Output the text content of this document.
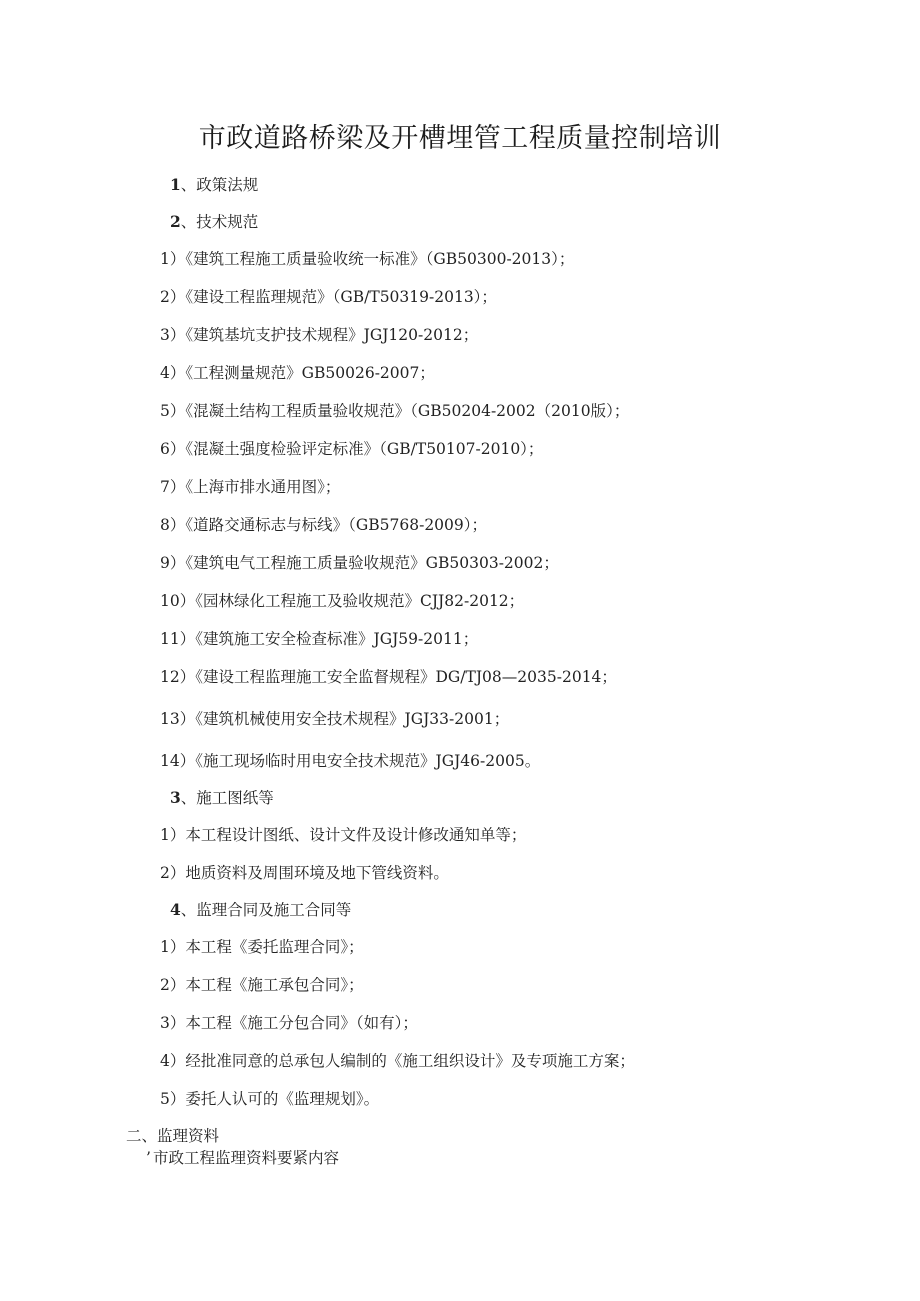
市政道路桥梁及开槽埋管工程质量控制培训
1、政策法规
2、技术规范
1）《建筑工程施工质量验收统一标准》（GB50300-2013）；
2）《建设工程监理规范》（GB/T50319-2013）；
3）《建筑基坑支护技术规程》JGJ120-2012；
4）《工程测量规范》GB50026-2007；
5）《混凝土结构工程质量验收规范》（GB50204-2002（2010版）；
6）《混凝土强度检验评定标准》（GB/T50107-2010）；
7）《上海市排水通用图》；
8）《道路交通标志与标线》（GB5768-2009）；
9）《建筑电气工程施工质量验收规范》GB50303-2002；
10）《园林绿化工程施工及验收规范》CJJ82-2012；
11）《建筑施工安全检查标准》JGJ59-2011；
12）《建设工程监理施工安全监督规程》DG/TJ08—2035-2014；
13）《建筑机械使用安全技术规程》JGJ33-2001；
14）《施工现场临时用电安全技术规范》JGJ46-2005。
3、施工图纸等
1）本工程设计图纸、设计文件及设计修改通知单等；
2）地质资料及周围环境及地下管线资料。
4、监理合同及施工合同等
1）本工程《委托监理合同》；
2）本工程《施工承包合同》；
3）本工程《施工分包合同》（如有）；
4）经批准同意的总承包人编制的《施工组织设计》及专项施工方案；
5）委托人认可的《监理规划》。
二、监理资料
’ 市政工程监理资料要紧内容
